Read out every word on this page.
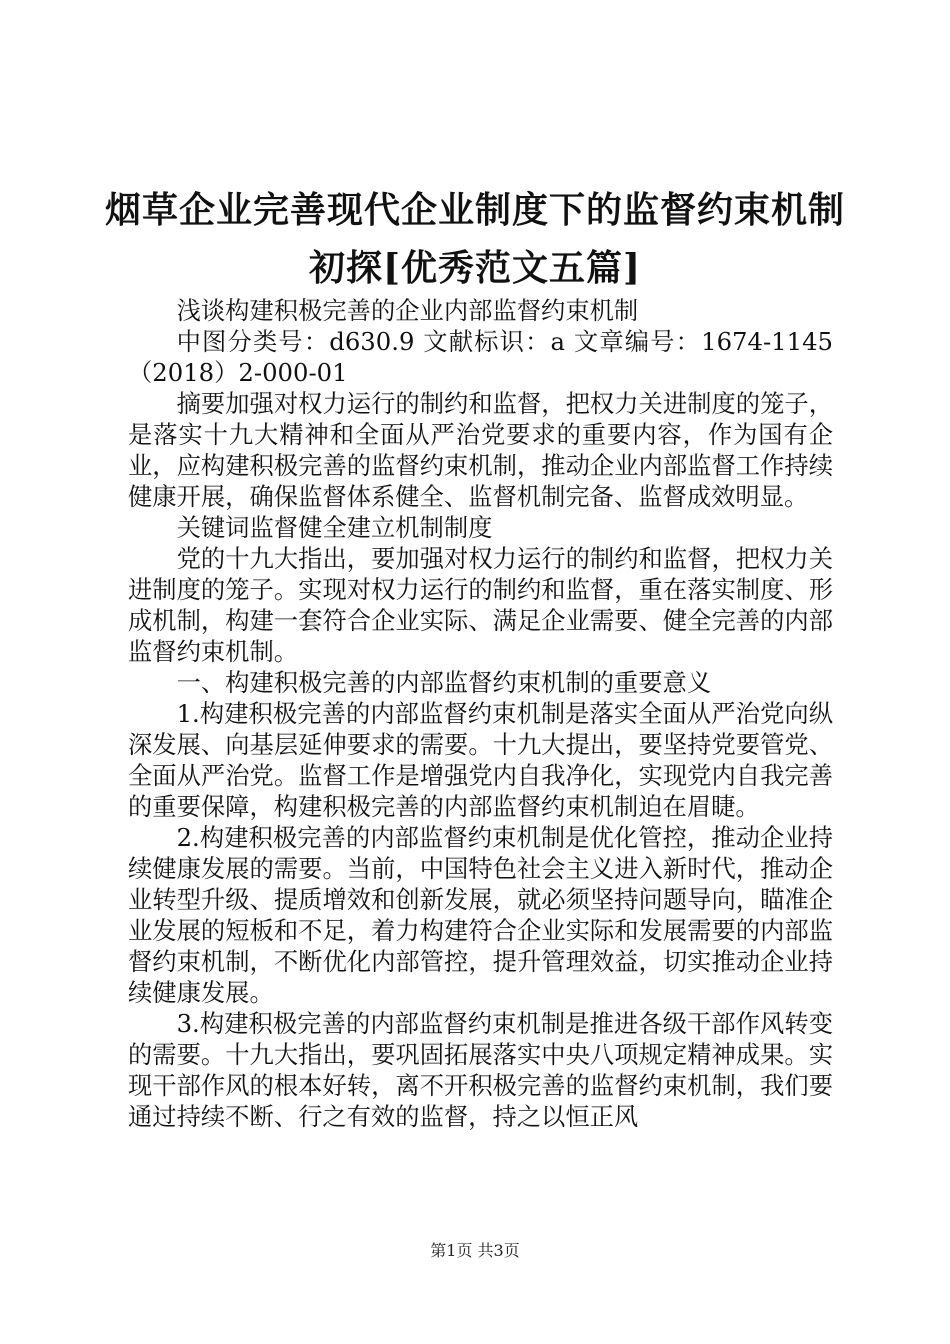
烟草企业完善现代企业制度下的监督约束机制
初探[优秀范文五篇]

浅谈构建积极完善的企业内部监督约束机制

中图分类号：d630.9 文献标识：a 文章编号：1674-1145（2018）2-000-01

摘要加强对权力运行的制约和监督，把权力关进制度的笼子，是落实十九大精神和全面从严治党要求的重要内容，作为国有企业，应构建积极完善的监督约束机制，推动企业内部监督工作持续健康开展，确保监督体系健全、监督机制完备、监督成效明显。

关键词监督健全建立机制制度

党的十九大指出，要加强对权力运行的制约和监督，把权力关进制度的笼子。实现对权力运行的制约和监督，重在落实制度、形成机制，构建一套符合企业实际、满足企业需要、健全完善的内部监督约束机制。

一、构建积极完善的内部监督约束机制的重要意义

1.构建积极完善的内部监督约束机制是落实全面从严治党向纵深发展、向基层延伸要求的需要。十九大提出，要坚持党要管党、全面从严治党。监督工作是增强党内自我净化，实现党内自我完善的重要保障，构建积极完善的内部监督约束机制迫在眉睫。

2.构建积极完善的内部监督约束机制是优化管控，推动企业持续健康发展的需要。当前，中国特色社会主义进入新时代，推动企业转型升级、提质增效和创新发展，就必须坚持问题导向，瞄准企业发展的短板和不足，着力构建符合企业实际和发展需要的内部监督约束机制，不断优化内部管控，提升管理效益，切实推动企业持续健康发展。

3.构建积极完善的内部监督约束机制是推进各级干部作风转变的需要。十九大指出，要巩固拓展落实中央八项规定精神成果。实现干部作风的根本好转，离不开积极完善的监督约束机制，我们要通过持续不断、行之有效的监督，持之以恒正风

第1页 共3页
